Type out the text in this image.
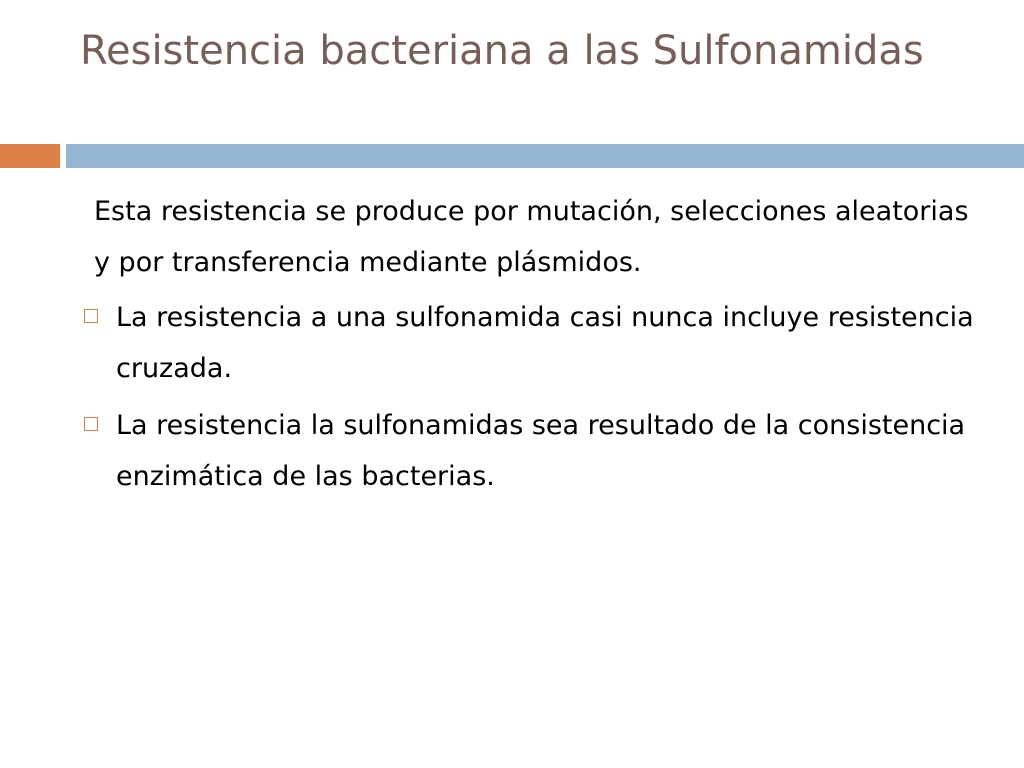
Resistencia bacteriana a las Sulfonamidas

Esta resistencia se produce por mutación, selecciones aleatorias y por transferencia mediante plásmidos.

La resistencia a una sulfonamida casi nunca incluye resistencia cruzada.
La resistencia la sulfonamidas sea resultado de la consistencia enzimática de las bacterias.
